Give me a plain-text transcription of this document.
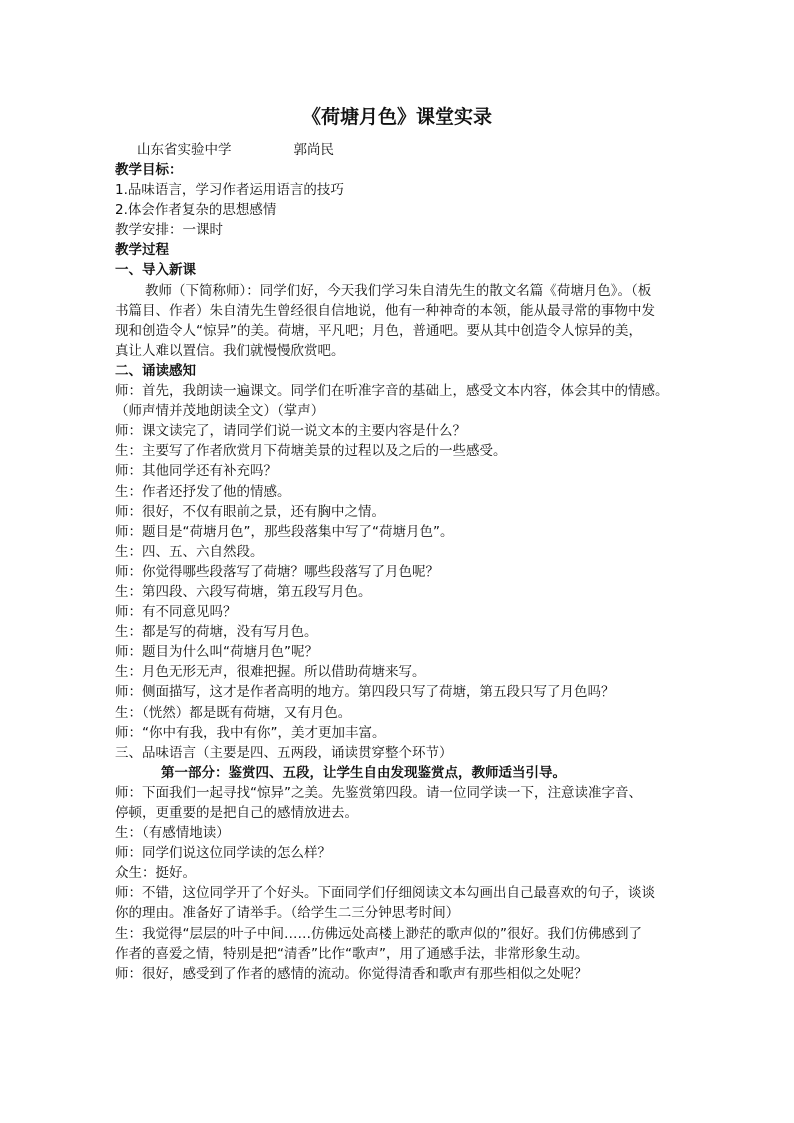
《荷塘月色》课堂实录
山东省实验中学	郭尚民
教学目标：
1.品味语言，学习作者运用语言的技巧
2.体会作者复杂的思想感情
教学安排：一课时
教学过程
一、导入新课
教师（下简称师）：同学们好，今天我们学习朱自清先生的散文名篇《荷塘月色》。（板
书篇目、作者）朱自清先生曾经很自信地说，他有一种神奇的本领，能从最寻常的事物中发
现和创造令人“惊异”的美。荷塘，平凡吧；月色，普通吧。要从其中创造令人惊异的美，
真让人难以置信。我们就慢慢欣赏吧。
二、诵读感知
师：首先，我朗读一遍课文。同学们在听准字音的基础上，感受文本内容，体会其中的情感。
（师声情并茂地朗读全文）（掌声）
师：课文读完了，请同学们说一说文本的主要内容是什么？
生：主要写了作者欣赏月下荷塘美景的过程以及之后的一些感受。
师：其他同学还有补充吗？
生：作者还抒发了他的情感。
师：很好，不仅有眼前之景，还有胸中之情。
师：题目是“荷塘月色”，那些段落集中写了“荷塘月色”。
生：四、五、六自然段。
师：你觉得哪些段落写了荷塘？哪些段落写了月色呢？
生：第四段、六段写荷塘，第五段写月色。
师：有不同意见吗？
生：都是写的荷塘，没有写月色。
师：题目为什么叫“荷塘月色”呢？
生：月色无形无声，很难把握。所以借助荷塘来写。
师：侧面描写，这才是作者高明的地方。第四段只写了荷塘，第五段只写了月色吗？
生：（恍然）都是既有荷塘，又有月色。
师：“你中有我，我中有你”，美才更加丰富。
三、品味语言（主要是四、五两段，诵读贯穿整个环节）
第一部分：鉴赏四、五段，让学生自由发现鉴赏点，教师适当引导。
师：下面我们一起寻找“惊异”之美。先鉴赏第四段。请一位同学读一下，注意读准字音、
停顿，更重要的是把自己的感情放进去。
生：（有感情地读）
师：同学们说这位同学读的怎么样？
众生：挺好。
师：不错，这位同学开了个好头。下面同学们仔细阅读文本勾画出自己最喜欢的句子，谈谈
你的理由。准备好了请举手。（给学生二三分钟思考时间）
生：我觉得“层层的叶子中间……仿佛远处高楼上渺茫的歌声似的”很好。我们仿佛感到了
作者的喜爱之情，特别是把“清香”比作“歌声”，用了通感手法，非常形象生动。
师：很好，感受到了作者的感情的流动。你觉得清香和歌声有那些相似之处呢？
